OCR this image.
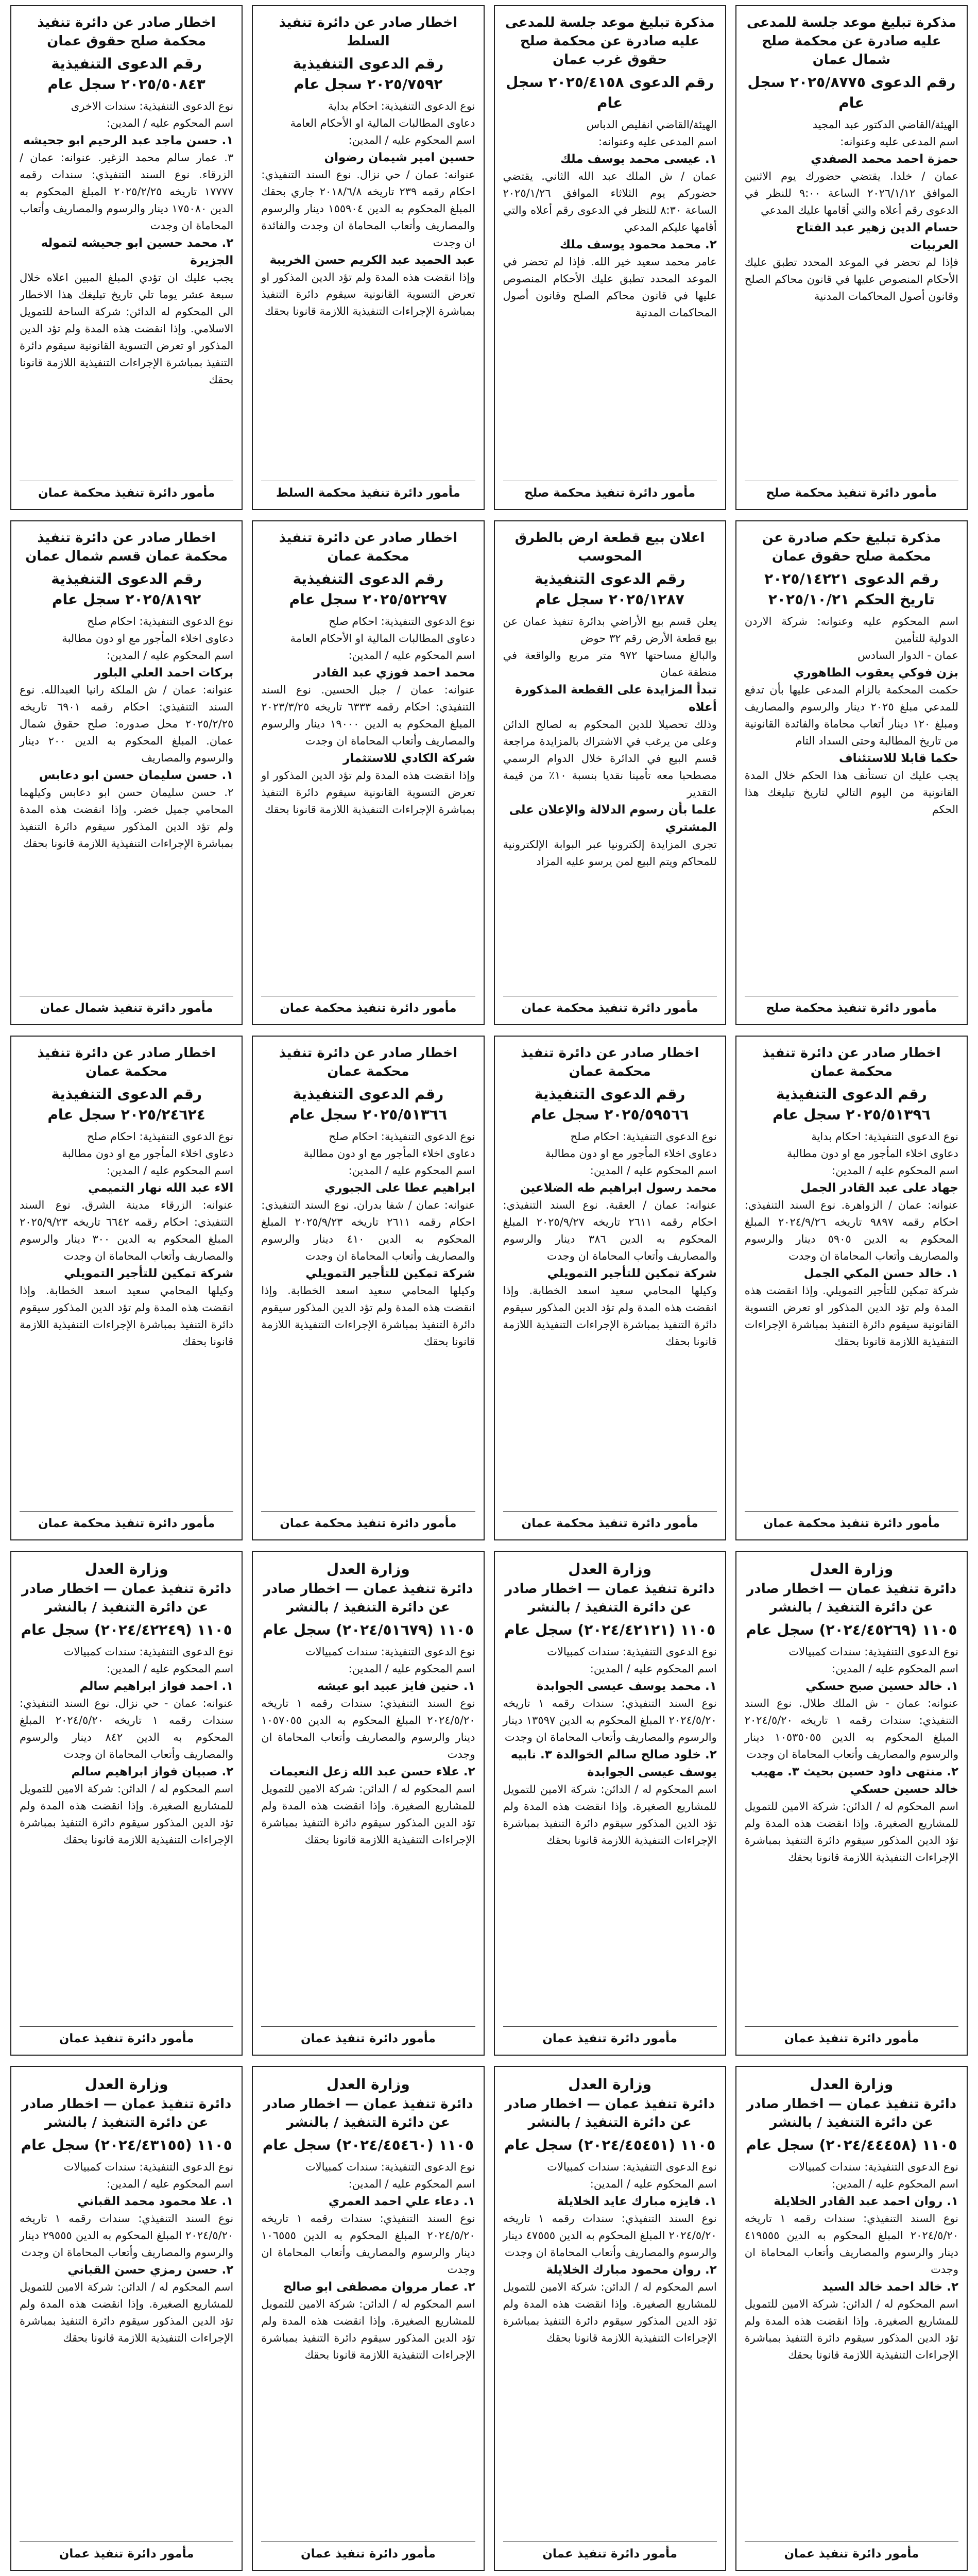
مذكرة تبليغ موعد جلسة للمدعى عليه صادرة عن محكمة صلح شمال عمان
رقم الدعوى ٢٠٢٥/٨٧٧٥ سجل عام
الهيئة/القاضي الدكتور عبد المجيد
اسم المدعى عليه وعنوانه:
حمزة احمد محمد الصفدي
عمان / خلدا. يقتضي حضورك يوم الاثنين الموافق ٢٠٢٦/١/١٢ الساعة ٩:٠٠ للنظر في الدعوى رقم أعلاه والتي أقامها عليك المدعي
حسام الدين زهير عبد الفتاح العربيات
فإذا لم تحضر في الموعد المحدد تطبق عليك الأحكام المنصوص عليها في قانون محاكم الصلح وقانون أصول المحاكمات المدنية
مأمور دائرة تنفيذ محكمة صلح
مذكرة تبليغ موعد جلسة للمدعى عليه صادرة عن محكمة صلح حقوق غرب عمان
رقم الدعوى ٢٠٢٥/٤١٥٨ سجل عام
الهيئة/القاضي انفليص الدباس
اسم المدعى عليه وعنوانه:
١. عيسى محمد يوسف ملك
عمان / ش الملك عبد الله الثاني. يقتضي حضوركم يوم الثلاثاء الموافق ٢٠٢٥/١/٢٦ الساعة ٨:٣٠ للنظر في الدعوى رقم أعلاه والتي أقامها عليكم المدعي
٢. محمد محمود يوسف ملك
عامر محمد سعيد خير الله. فإذا لم تحضر في الموعد المحدد تطبق عليك الأحكام المنصوص عليها في قانون محاكم الصلح وقانون أصول المحاكمات المدنية
مأمور دائرة تنفيذ محكمة صلح
اخطار صادر عن دائرة تنفيذ السلط
رقم الدعوى التنفيذية ٢٠٢٥/٧٥٩٢ سجل عام
نوع الدعوى التنفيذية: احكام بداية
دعاوى المطالبات المالية او الأحكام العامة
اسم المحكوم عليه / المدين:
حسين امير شيمان رضوان
عنوانه: عمان / حي نزال. نوع السند التنفيذي: احكام رقمه ٢٣٩ تاريخه ٢٠١٨/٦/٨ جاري بحقك المبلغ المحكوم به الدين ١٥٥٩٠٤ دينار والرسوم والمصاريف وأتعاب المحاماة ان وجدت والفائدة ان وجدت
عبد الحميد عبد الكريم حسن الخريبة
وإذا انقضت هذه المدة ولم تؤد الدين المذكور او تعرض التسوية القانونية سيقوم دائرة التنفيذ بمباشرة الإجراءات التنفيذية اللازمة قانونا بحقك
مأمور دائرة تنفيذ محكمة السلط
اخطار صادر عن دائرة تنفيذ محكمة صلح حقوق عمان
رقم الدعوى التنفيذية ٢٠٢٥/٥٠٨٤٣ سجل عام
نوع الدعوى التنفيذية: سندات الاخرى
اسم المحكوم عليه / المدين:
١. حسن ماجد عبد الرحيم ابو جحيشه
٣. عمار سالم محمد الزغير. عنوانه: عمان / الزرقاء. نوع السند التنفيذي: سندات رقمه ١٧٧٧٧ تاريخه ٢٠٢٥/٢/٢٥ المبلغ المحكوم به الدين ١٧٥٠٨٠ دينار والرسوم والمصاريف وأتعاب المحاماة ان وجدت
٢. محمد حسين ابو جحيشه لتموله الجزيرة
يجب عليك ان تؤدي المبلغ المبين اعلاه خلال سبعة عشر يوما تلي تاريخ تبليغك هذا الاخطار الى المحكوم له الدائن: شركة الساحة للتمويل الاسلامي. وإذا انقضت هذه المدة ولم تؤد الدين المذكور او تعرض التسوية القانونية سيقوم دائرة التنفيذ بمباشرة الإجراءات التنفيذية اللازمة قانونا بحقك
مأمور دائرة تنفيذ محكمة عمان
مذكرة تبليغ حكم صادرة عن محكمة صلح حقوق عمان
رقم الدعوى ٢٠٢٥/١٤٢٢١ تاريخ الحكم ٢٠٢٥/١٠/٢١
اسم المحكوم عليه وعنوانه: شركة الاردن الدولية للتأمين
عمان - الدوار السادس
بزن فوكي يعقوب الطاهوري
حكمت المحكمة بالزام المدعى عليها بأن تدفع للمدعي مبلغ ٢٠٢٥ دينار والرسوم والمصاريف ومبلغ ١٢٠ دينار أتعاب محاماة والفائدة القانونية من تاريخ المطالبة وحتى السداد التام
حكما قابلا للاستئناف
يجب عليك ان تستأنف هذا الحكم خلال المدة القانونية من اليوم التالي لتاريخ تبليغك هذا الحكم
مأمور دائرة تنفيذ محكمة صلح
اعلان بيع قطعة ارض بالطرق المحوسب
رقم الدعوى التنفيذية ٢٠٢٥/١٢٨٧ سجل عام
يعلن قسم بيع الأراضي بدائرة تنفيذ عمان عن بيع قطعة الأرض رقم ٣٢ حوض
والبالغ مساحتها ٩٧٢ متر مربع والواقعة في منطقة عمان
تبدأ المزايدة على القطعة المذكورة أعلاه
وذلك تحصيلا للدين المحكوم به لصالح الدائن وعلى من يرغب في الاشتراك بالمزايدة مراجعة قسم البيع في الدائرة خلال الدوام الرسمي مصطحبا معه تأمينا نقديا بنسبة ١٠٪ من قيمة التقدير
علما بأن رسوم الدلالة والإعلان على المشتري
تجرى المزايدة إلكترونيا عبر البوابة الإلكترونية للمحاكم ويتم البيع لمن يرسو عليه المزاد
مأمور دائرة تنفيذ محكمة عمان
اخطار صادر عن دائرة تنفيذ محكمة عمان
رقم الدعوى التنفيذية ٢٠٢٥/٥٢٢٩٧ سجل عام
نوع الدعوى التنفيذية: احكام صلح
دعاوى المطالبات المالية او الأحكام العامة
اسم المحكوم عليه / المدين:
محمد احمد فوزي عبد القادر
عنوانه: عمان / جبل الحسين. نوع السند التنفيذي: احكام رقمه ٦٣٣٣ تاريخه ٢٠٢٣/٣/٢٥ المبلغ المحكوم به الدين ١٩٠٠٠ دينار والرسوم والمصاريف وأتعاب المحاماة ان وجدت
شركة الكادي للاستثمار
وإذا انقضت هذه المدة ولم تؤد الدين المذكور او تعرض التسوية القانونية سيقوم دائرة التنفيذ بمباشرة الإجراءات التنفيذية اللازمة قانونا بحقك
مأمور دائرة تنفيذ محكمة عمان
اخطار صادر عن دائرة تنفيذ محكمة عمان قسم شمال عمان
رقم الدعوى التنفيذية ٢٠٢٥/٨١٩٢ سجل عام
نوع الدعوى التنفيذية: احكام صلح
دعاوى اخلاء المأجور مع او دون مطالبة
اسم المحكوم عليه / المدين:
بركات احمد العلي البلور
عنوانه: عمان / ش الملكة رانيا العبدالله. نوع السند التنفيذي: احكام رقمه ٦٩٠١ تاريخه ٢٠٢٥/٢/٢٥ محل صدوره: صلح حقوق شمال عمان. المبلغ المحكوم به الدين ٢٠٠ دينار والرسوم والمصاريف
١. حسن سليمان حسن ابو دعابس
٢. حسن سليمان حسن ابو دعابس وكيلهما المحامي جميل خضر. وإذا انقضت هذه المدة ولم تؤد الدين المذكور سيقوم دائرة التنفيذ بمباشرة الإجراءات التنفيذية اللازمة قانونا بحقك
مأمور دائرة تنفيذ شمال عمان
اخطار صادر عن دائرة تنفيذ محكمة عمان
رقم الدعوى التنفيذية ٢٠٢٥/٥١٣٩٦ سجل عام
نوع الدعوى التنفيذية: احكام بداية
دعاوى اخلاء المأجور مع او دون مطالبة
اسم المحكوم عليه / المدين:
جهاد على عبد القادر الجمل
عنوانه: عمان / الزواهرة. نوع السند التنفيذي: احكام رقمه ٩٨٩٧ تاريخه ٢٠٢٤/٩/٢٦ المبلغ المحكوم به الدين ٥٩٠٥ دينار والرسوم والمصاريف وأتعاب المحاماة ان وجدت
١. خالد حسن المكي الجمل
شركة تمكين للتأجير التمويلي. وإذا انقضت هذه المدة ولم تؤد الدين المذكور او تعرض التسوية القانونية سيقوم دائرة التنفيذ بمباشرة الإجراءات التنفيذية اللازمة قانونا بحقك
مأمور دائرة تنفيذ محكمة عمان
اخطار صادر عن دائرة تنفيذ محكمة عمان
رقم الدعوى التنفيذية ٢٠٢٥/٥٩٥٦٦ سجل عام
نوع الدعوى التنفيذية: احكام صلح
دعاوى اخلاء المأجور مع او دون مطالبة
اسم المحكوم عليه / المدين:
محمد رسول ابراهيم طه الضلاعين
عنوانه: عمان / العقبة. نوع السند التنفيذي: احكام رقمه ٢٦١١ تاريخه ٢٠٢٥/٩/٢٧ المبلغ المحكوم به الدين ٣٨٦ دينار والرسوم والمصاريف وأتعاب المحاماة ان وجدت
شركة تمكين للتأجير التمويلي
وكيلها المحامي سعيد اسعد الخطابة. وإذا انقضت هذه المدة ولم تؤد الدين المذكور سيقوم دائرة التنفيذ بمباشرة الإجراءات التنفيذية اللازمة قانونا بحقك
مأمور دائرة تنفيذ محكمة عمان
اخطار صادر عن دائرة تنفيذ محكمة عمان
رقم الدعوى التنفيذية ٢٠٢٥/٥١٣٦٦ سجل عام
نوع الدعوى التنفيذية: احكام صلح
دعاوى اخلاء المأجور مع او دون مطالبة
اسم المحكوم عليه / المدين:
ابراهيم عطا على الجبوري
عنوانه: عمان / شفا بدران. نوع السند التنفيذي: احكام رقمه ٢٦١١ تاريخه ٢٠٢٥/٩/٢٣ المبلغ المحكوم به الدين ٤١٠ دينار والرسوم والمصاريف وأتعاب المحاماة ان وجدت
شركة تمكين للتأجير التمويلي
وكيلها المحامي سعيد اسعد الخطابة. وإذا انقضت هذه المدة ولم تؤد الدين المذكور سيقوم دائرة التنفيذ بمباشرة الإجراءات التنفيذية اللازمة قانونا بحقك
مأمور دائرة تنفيذ محكمة عمان
اخطار صادر عن دائرة تنفيذ محكمة عمان
رقم الدعوى التنفيذية ٢٠٢٥/٢٤٦٢٤ سجل عام
نوع الدعوى التنفيذية: احكام صلح
دعاوى اخلاء المأجور مع او دون مطالبة
اسم المحكوم عليه / المدين:
الاء عبد الله نهار التميمي
عنوانه: الزرقاء مدينة الشرق. نوع السند التنفيذي: احكام رقمه ٦٦٤٢ تاريخه ٢٠٢٥/٩/٢٣ المبلغ المحكوم به الدين ٣٠٠ دينار والرسوم والمصاريف وأتعاب المحاماة ان وجدت
شركة تمكين للتأجير التمويلي
وكيلها المحامي سعيد اسعد الخطابة. وإذا انقضت هذه المدة ولم تؤد الدين المذكور سيقوم دائرة التنفيذ بمباشرة الإجراءات التنفيذية اللازمة قانونا بحقك
مأمور دائرة تنفيذ محكمة عمان
وزارة العدل
دائرة تنفيذ عمان — اخطار صادر عن دائرة التنفيذ / بالنشر
١١٠٥ (٢٠٢٤/٤٥٢٦٩) سجل عام
نوع الدعوى التنفيذية: سندات كمبيالات
اسم المحكوم عليه / المدين:
١. خالد حسين صبح حسكي
عنوانه: عمان - ش الملك طلال. نوع السند التنفيذي: سندات رقمه ١ تاريخه ٢٠٢٤/٥/٢٠ المبلغ المحكوم به الدين ١٠٥٣٥٠٥٥ دينار والرسوم والمصاريف وأتعاب المحاماة ان وجدت
٢. منتهى داود حسين بحيث ٣. مهيب خالد حسين حسكي
اسم المحكوم له / الدائن: شركة الامين للتمويل للمشاريع الصغيرة. وإذا انقضت هذه المدة ولم تؤد الدين المذكور سيقوم دائرة التنفيذ بمباشرة الإجراءات التنفيذية اللازمة قانونا بحقك
مأمور دائرة تنفيذ عمان
وزارة العدل
دائرة تنفيذ عمان — اخطار صادر عن دائرة التنفيذ / بالنشر
١١٠٥ (٢٠٢٤/٤٢١٢١) سجل عام
نوع الدعوى التنفيذية: سندات كمبيالات
اسم المحكوم عليه / المدين:
١. محمد يوسف عيسى الجوابدة
نوع السند التنفيذي: سندات رقمه ١ تاريخه ٢٠٢٤/٥/٢٠ المبلغ المحكوم به الدين ١٣٥٩٧ دينار والرسوم والمصاريف وأتعاب المحاماة ان وجدت
٢. خلود صالح سالم الخوالدة ٣. نابيه يوسف عيسى الجوابدة
اسم المحكوم له / الدائن: شركة الامين للتمويل للمشاريع الصغيرة. وإذا انقضت هذه المدة ولم تؤد الدين المذكور سيقوم دائرة التنفيذ بمباشرة الإجراءات التنفيذية اللازمة قانونا بحقك
مأمور دائرة تنفيذ عمان
وزارة العدل
دائرة تنفيذ عمان — اخطار صادر عن دائرة التنفيذ / بالنشر
١١٠٥ (٢٠٢٤/٥١٦٧٩) سجل عام
نوع الدعوى التنفيذية: سندات كمبيالات
اسم المحكوم عليه / المدين:
١. حنين فايز عبيد ابو عيشه
نوع السند التنفيذي: سندات رقمه ١ تاريخه ٢٠٢٤/٥/٢٠ المبلغ المحكوم به الدين ١٠٥٧٠٥٥ دينار والرسوم والمصاريف وأتعاب المحاماة ان وجدت
٢. علاء حسن عبد الله زعل النعيمات
اسم المحكوم له / الدائن: شركة الامين للتمويل للمشاريع الصغيرة. وإذا انقضت هذه المدة ولم تؤد الدين المذكور سيقوم دائرة التنفيذ بمباشرة الإجراءات التنفيذية اللازمة قانونا بحقك
مأمور دائرة تنفيذ عمان
وزارة العدل
دائرة تنفيذ عمان — اخطار صادر عن دائرة التنفيذ / بالنشر
١١٠٥ (٢٠٢٤/٤٢٢٤٩) سجل عام
نوع الدعوى التنفيذية: سندات كمبيالات
اسم المحكوم عليه / المدين:
١. احمد فواز ابراهيم سالم
عنوانه: عمان - حي نزال. نوع السند التنفيذي: سندات رقمه ١ تاريخه ٢٠٢٤/٥/٢٠ المبلغ المحكوم به الدين ٨٤٢ دينار والرسوم والمصاريف وأتعاب المحاماة ان وجدت
٢. صبيان فواز ابراهيم سالم
اسم المحكوم له / الدائن: شركة الامين للتمويل للمشاريع الصغيرة. وإذا انقضت هذه المدة ولم تؤد الدين المذكور سيقوم دائرة التنفيذ بمباشرة الإجراءات التنفيذية اللازمة قانونا بحقك
مأمور دائرة تنفيذ عمان
وزارة العدل
دائرة تنفيذ عمان — اخطار صادر عن دائرة التنفيذ / بالنشر
١١٠٥ (٢٠٢٤/٤٤٤٥٨) سجل عام
نوع الدعوى التنفيذية: سندات كمبيالات
اسم المحكوم عليه / المدين:
١. روان احمد عبد القادر الخلايلة
نوع السند التنفيذي: سندات رقمه ١ تاريخه ٢٠٢٤/٥/٢٠ المبلغ المحكوم به الدين ٤١٩٥٥٥ دينار والرسوم والمصاريف وأتعاب المحاماة ان وجدت
٢. خالد احمد خالد السيد
اسم المحكوم له / الدائن: شركة الامين للتمويل للمشاريع الصغيرة. وإذا انقضت هذه المدة ولم تؤد الدين المذكور سيقوم دائرة التنفيذ بمباشرة الإجراءات التنفيذية اللازمة قانونا بحقك
مأمور دائرة تنفيذ عمان
وزارة العدل
دائرة تنفيذ عمان — اخطار صادر عن دائرة التنفيذ / بالنشر
١١٠٥ (٢٠٢٤/٤٥٤٥١) سجل عام
نوع الدعوى التنفيذية: سندات كمبيالات
اسم المحكوم عليه / المدين:
١. فايزه مبارك عايد الخلايلة
نوع السند التنفيذي: سندات رقمه ١ تاريخه ٢٠٢٤/٥/٢٠ المبلغ المحكوم به الدين ٤٧٥٥٥ دينار والرسوم والمصاريف وأتعاب المحاماة ان وجدت
٢. روان محمود مبارك الخلايلة
اسم المحكوم له / الدائن: شركة الامين للتمويل للمشاريع الصغيرة. وإذا انقضت هذه المدة ولم تؤد الدين المذكور سيقوم دائرة التنفيذ بمباشرة الإجراءات التنفيذية اللازمة قانونا بحقك
مأمور دائرة تنفيذ عمان
وزارة العدل
دائرة تنفيذ عمان — اخطار صادر عن دائرة التنفيذ / بالنشر
١١٠٥ (٢٠٢٤/٤٥٤٦٠) سجل عام
نوع الدعوى التنفيذية: سندات كمبيالات
اسم المحكوم عليه / المدين:
١. دعاء علي احمد العمري
نوع السند التنفيذي: سندات رقمه ١ تاريخه ٢٠٢٤/٥/٢٠ المبلغ المحكوم به الدين ١٠٦٥٥٥ دينار والرسوم والمصاريف وأتعاب المحاماة ان وجدت
٢. عمار مروان مصطفى ابو صالح
اسم المحكوم له / الدائن: شركة الامين للتمويل للمشاريع الصغيرة. وإذا انقضت هذه المدة ولم تؤد الدين المذكور سيقوم دائرة التنفيذ بمباشرة الإجراءات التنفيذية اللازمة قانونا بحقك
مأمور دائرة تنفيذ عمان
وزارة العدل
دائرة تنفيذ عمان — اخطار صادر عن دائرة التنفيذ / بالنشر
١١٠٥ (٢٠٢٤/٤٣١٥٥) سجل عام
نوع الدعوى التنفيذية: سندات كمبيالات
اسم المحكوم عليه / المدين:
١. علا محمود محمد القباني
نوع السند التنفيذي: سندات رقمه ١ تاريخه ٢٠٢٤/٥/٢٠ المبلغ المحكوم به الدين ٢٩٥٥٥ دينار والرسوم والمصاريف وأتعاب المحاماة ان وجدت
٢. حسن رمزي حسن القباني
اسم المحكوم له / الدائن: شركة الامين للتمويل للمشاريع الصغيرة. وإذا انقضت هذه المدة ولم تؤد الدين المذكور سيقوم دائرة التنفيذ بمباشرة الإجراءات التنفيذية اللازمة قانونا بحقك
مأمور دائرة تنفيذ عمان
